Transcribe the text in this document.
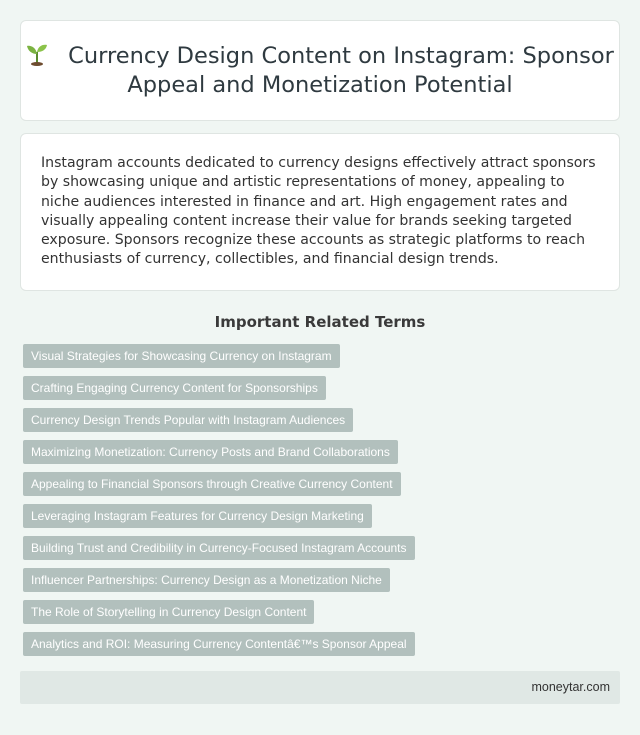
Currency Design Content on Instagram: Sponsor Appeal and Monetization Potential

Instagram accounts dedicated to currency designs effectively attract sponsors by showcasing unique and artistic representations of money, appealing to niche audiences interested in finance and art. High engagement rates and visually appealing content increase their value for brands seeking targeted exposure. Sponsors recognize these accounts as strategic platforms to reach enthusiasts of currency, collectibles, and financial design trends.

Important Related Terms
Visual Strategies for Showcasing Currency on Instagram
Crafting Engaging Currency Content for Sponsorships
Currency Design Trends Popular with Instagram Audiences
Maximizing Monetization: Currency Posts and Brand Collaborations
Appealing to Financial Sponsors through Creative Currency Content
Leveraging Instagram Features for Currency Design Marketing
Building Trust and Credibility in Currency-Focused Instagram Accounts
Influencer Partnerships: Currency Design as a Monetization Niche
The Role of Storytelling in Currency Design Content
Analytics and ROI: Measuring Currency Contentâ€™s Sponsor Appeal
moneytar.com
